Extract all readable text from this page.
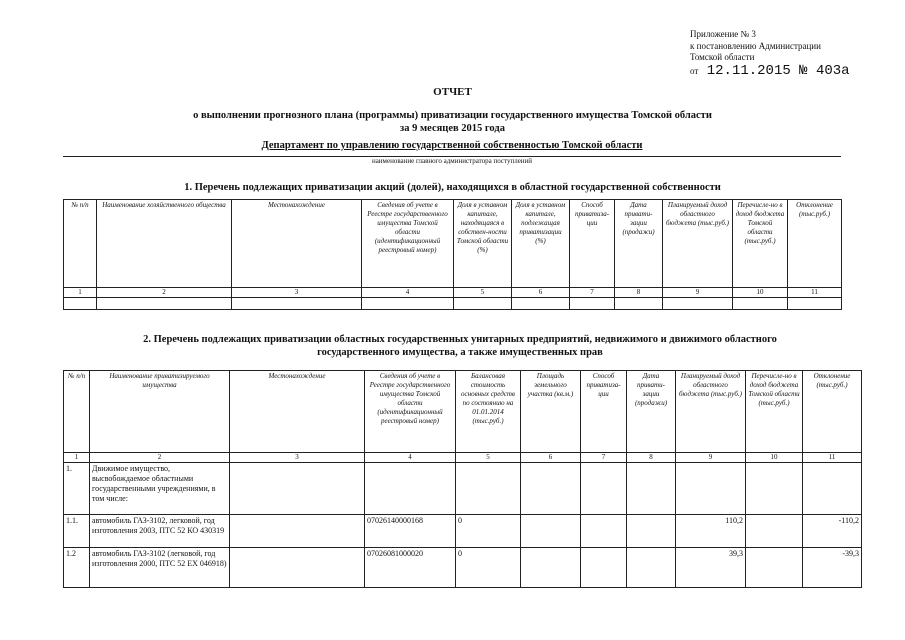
Приложение № 3
к постановлению Администрации
Томской области
от 12.11.2015 № 403а
ОТЧЕТ
о выполнении прогнозного плана (программы) приватизации государственного имущества Томской области
за 9 месяцев 2015 года
Департамент по управлению государственной собственностью Томской области
наименование главного администратора поступлений
1. Перечень подлежащих приватизации акций (долей), находящихся в областной государственной собственности
№ п/п	Наименование хозяйственного общества	Местонахождение	Сведения об учете в Реестре государственного имущества Томской области (идентификационный реестровый номер)	Доля в уставном капитале, находящаяся в собствен-ности Томской области (%)	Доля в уставном капитале, подлежащая приватизации (%)	Способ приватиза-ции	Дата привати-зации (продажи)	Планируемый доход областного бюджета (тыс.руб.)	Перечисле-но в доход бюджета Томской области (тыс.руб.)	Отклонение (тыс.руб.)
1	2	3	4	5	6	7	8	9	10	11

2. Перечень подлежащих приватизации областных государственных унитарных предприятий, недвижимого и движимого областного
государственного имущества, а также имущественных прав
№ п/п	Наименование приватизируемого имущества	Местонахождение	Сведения об учете в Реестре государственного имущества Томской области (идентификационный реестровый номер)	Балансовая стоимость основных средств по состоянию на 01.01.2014 (тыс.руб.)	Площадь земельного участка (кв.м.)	Способ приватиза-ции	Дата привати-зации (продажи)	Планируемый доход областного бюджета (тыс.руб.)	Перечисле-но в доход бюджета Томской области (тыс.руб.)	Отклонение (тыс.руб.)
1	2	3	4	5	6	7	8	9	10	11
1.	Движимое имущество, высвобождаемое областными государственными учреждениями, в том числе:									
1.1.	автомобиль ГАЗ-3102, легковой, год изготовления 2003, ПТС 52 КО 430319		07026140000168	0				110,2		-110,2
1.2	автомобиль ГАЗ-3102 (легковой, год изготовления 2000, ПТС 52 ЕХ 046918)		07026081000020	0				39,3		-39,3
